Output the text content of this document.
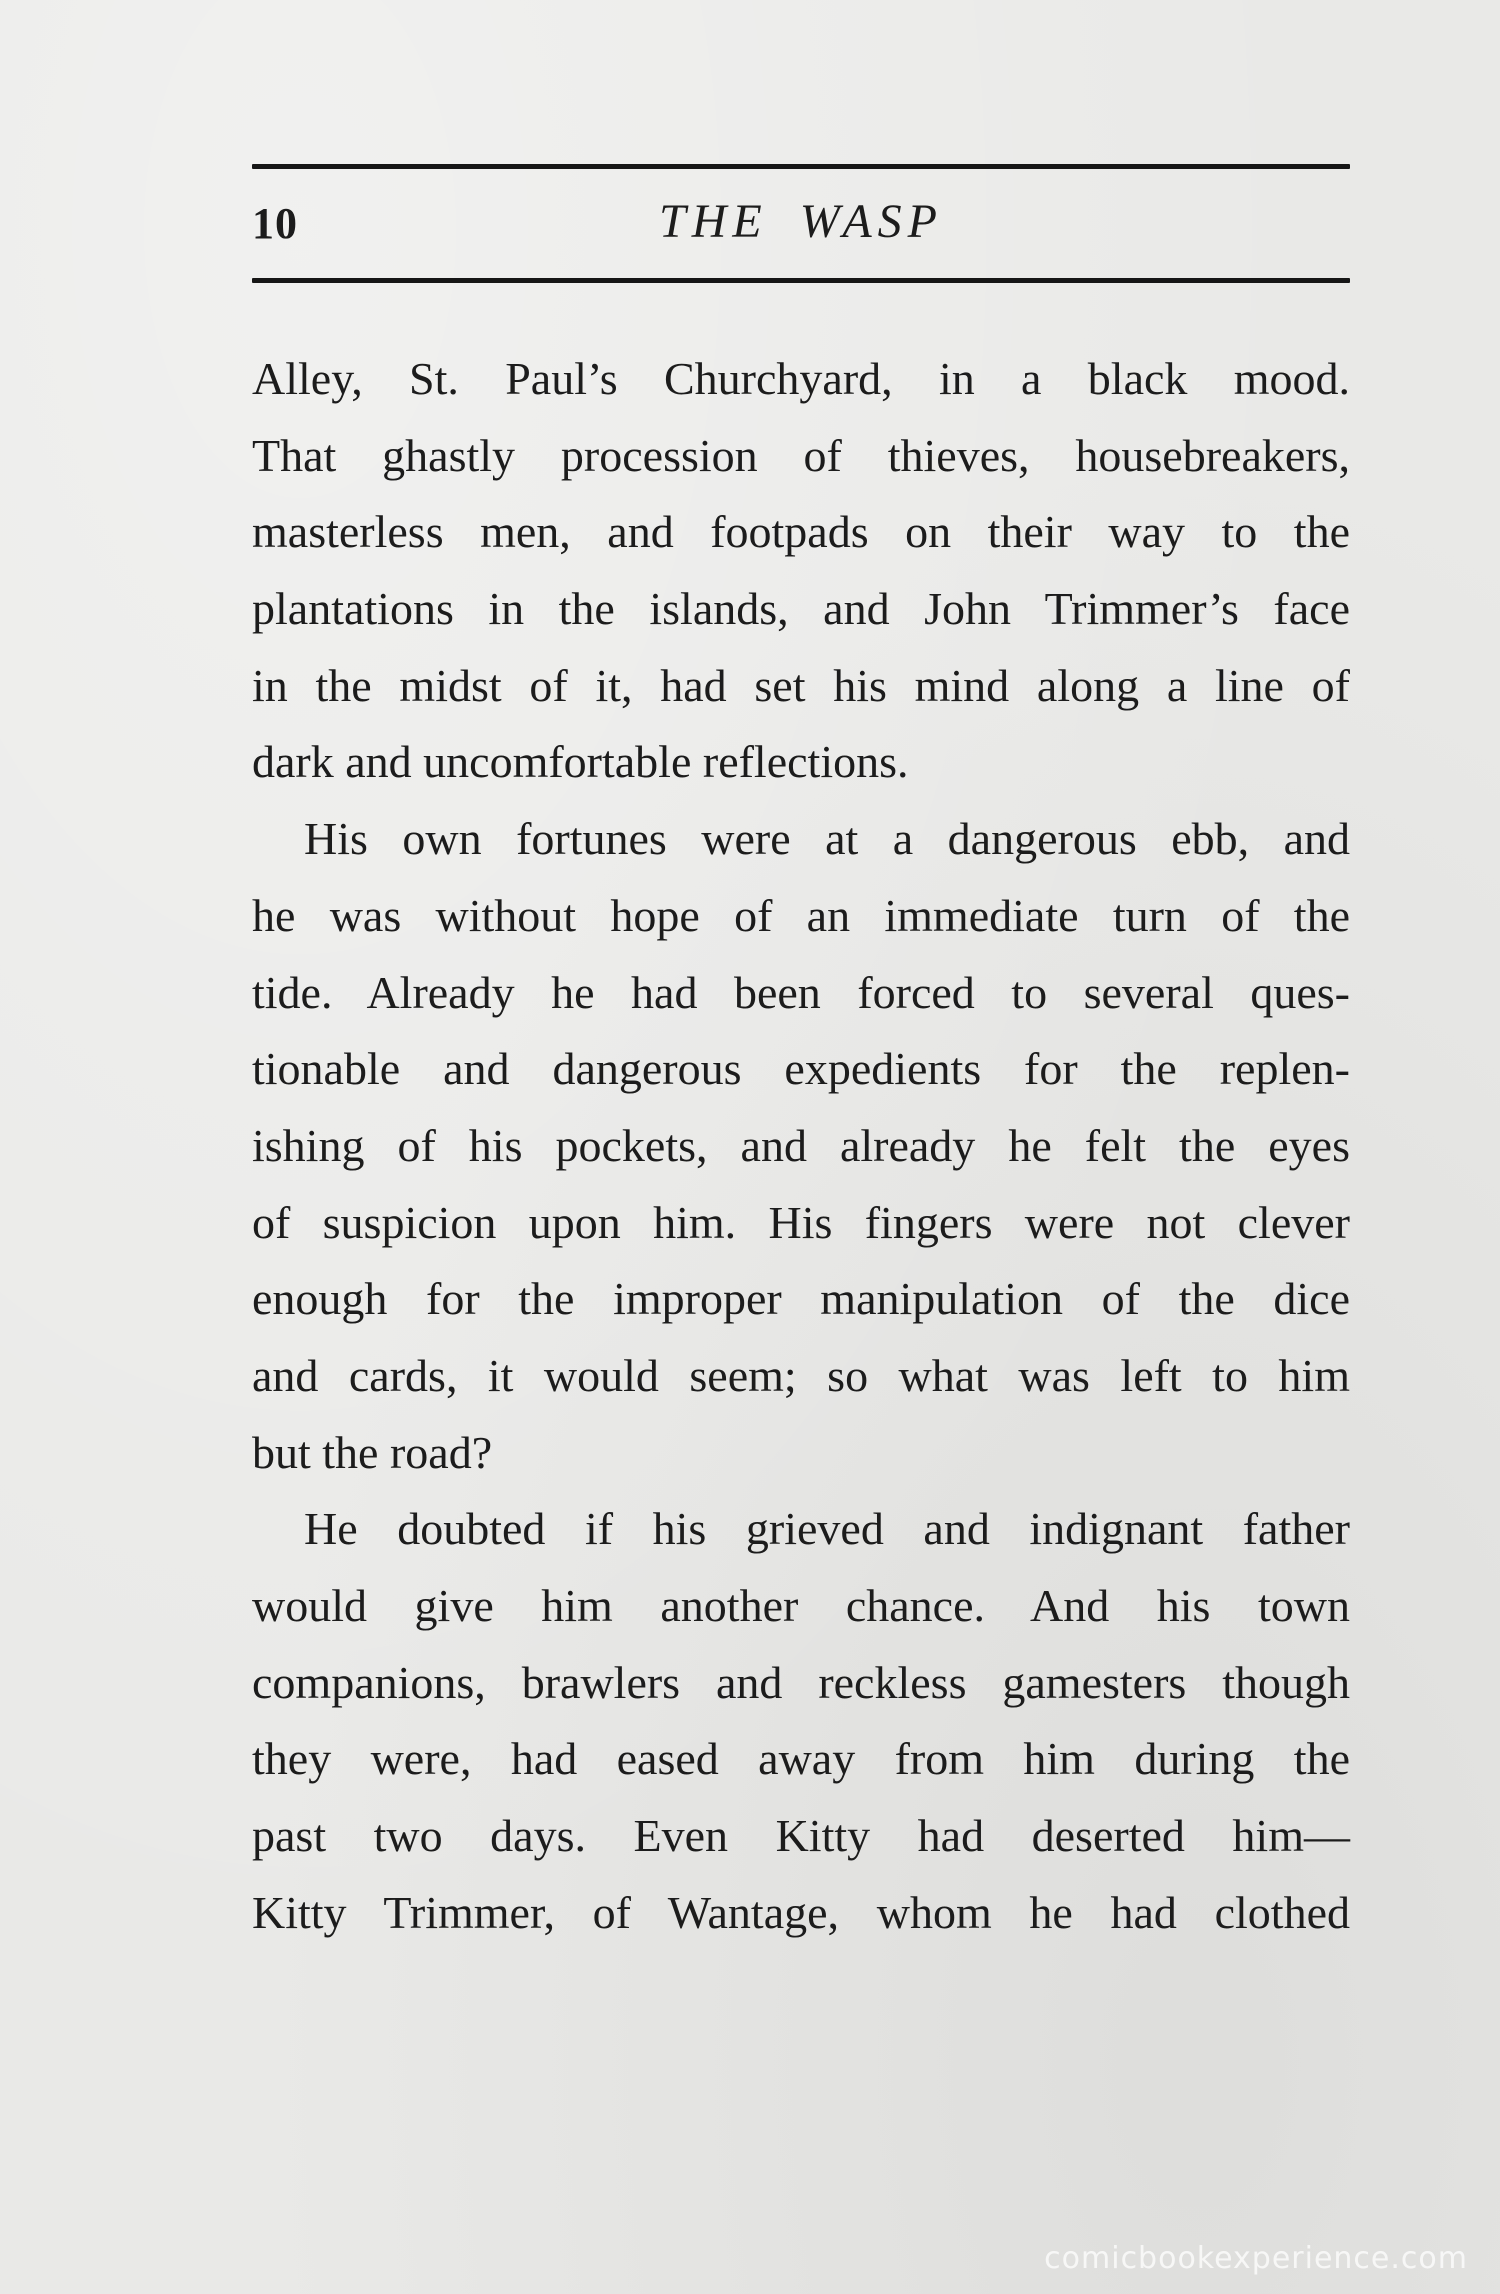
10	THE WASP
Alley, St. Paul’s Churchyard, in a black mood.
That ghastly procession of thieves, housebreakers,
masterless men, and footpads on their way to the
plantations in the islands, and John Trimmer’s face
in the midst of it, had set his mind along a line of
dark and uncomfortable reflections.
His own fortunes were at a dangerous ebb, and
he was without hope of an immediate turn of the
tide. Already he had been forced to several ques-
tionable and dangerous expedients for the replen-
ishing of his pockets, and already he felt the eyes
of suspicion upon him. His fingers were not clever
enough for the improper manipulation of the dice
and cards, it would seem; so what was left to him
but the road?
He doubted if his grieved and indignant father
would give him another chance. And his town
companions, brawlers and reckless gamesters though
they were, had eased away from him during the
past two days. Even Kitty had deserted him—
Kitty Trimmer, of Wantage, whom he had clothed
comicbookexperience.com
